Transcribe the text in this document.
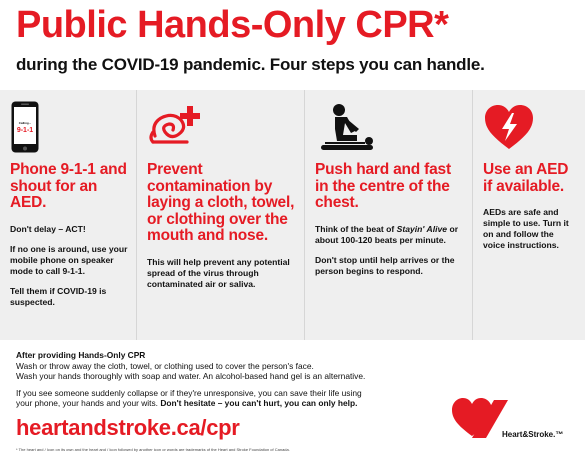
Public Hands-Only CPR*
during the COVID-19 pandemic. Four steps you can handle.
Calling...
9-1-1
Phone 9-1-1 and shout for an AED.

Don't delay – ACT!

If no one is around, use your mobile phone on speaker mode to call 9-1-1.

Tell them if COVID-19 is suspected.

Prevent contamination by laying a cloth, towel, or clothing over the mouth and nose.

This will help prevent any potential spread of the virus through contaminated air or saliva.

Push hard and fast in the centre of the chest.

Think of the beat of Stayin' Alive or about 100-120 beats per minute.

Don't stop until help arrives or the person begins to respond.

Use an AED if available.

AEDs are safe and simple to use. Turn it on and follow the voice instructions.

After providing Hands-Only CPR

Wash or throw away the cloth, towel, or clothing used to cover the person's face.

Wash your hands thoroughly with soap and water. An alcohol-based hand gel is an alternative.

If you see someone suddenly collapse or if they're unresponsive, you can save their life using

your phone, your hands and your wits. Don't hesitate – you can't hurt, you can only help.

heartandstroke.ca/cpr
* The heart and / Icon on its own and the heart and / Icon followed by another icon or words are trademarks of the Heart and Stroke Foundation of Canada.
Heart&Stroke.™
